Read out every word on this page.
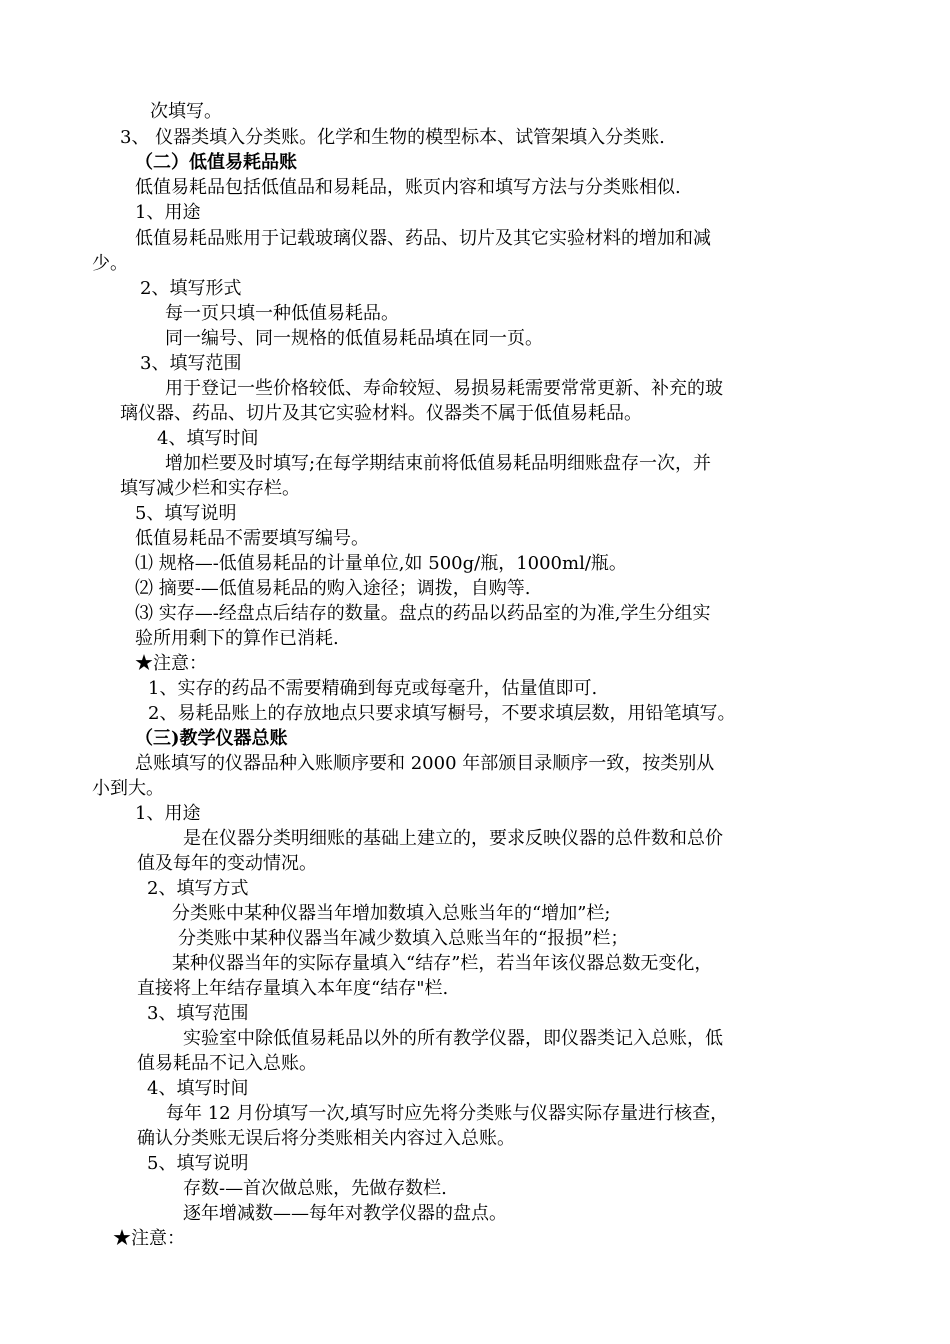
次填写。
3、 仪器类填入分类账。化学和生物的模型标本、试管架填入分类账.
（二）低值易耗品账
低值易耗品包括低值品和易耗品，账页内容和填写方法与分类账相似.
1、用途
低值易耗品账用于记载玻璃仪器、药品、切片及其它实验材料的增加和减
少。
2、填写形式
每一页只填一种低值易耗品。
同一编号、同一规格的低值易耗品填在同一页。
3、填写范围
用于登记一些价格较低、寿命较短、易损易耗需要常常更新、补充的玻
璃仪器、药品、切片及其它实验材料。仪器类不属于低值易耗品。
4、填写时间
增加栏要及时填写;在每学期结束前将低值易耗品明细账盘存一次，并
填写减少栏和实存栏。
5、填写说明
低值易耗品不需要填写编号。
⑴ 规格—-低值易耗品的计量单位,如 500g/瓶，1000ml/瓶。
⑵ 摘要-—低值易耗品的购入途径；调拨，自购等.
⑶ 实存—-经盘点后结存的数量。盘点的药品以药品室的为准,学生分组实
验所用剩下的算作已消耗.
★注意：
1、实存的药品不需要精确到每克或每毫升，估量值即可.
2、易耗品账上的存放地点只要求填写橱号，不要求填层数，用铅笔填写。
（三)教学仪器总账
总账填写的仪器品种入账顺序要和 2000 年部颁目录顺序一致，按类别从
小到大。
1、用途
是在仪器分类明细账的基础上建立的，要求反映仪器的总件数和总价
值及每年的变动情况。
2、填写方式
分类账中某种仪器当年增加数填入总账当年的“增加”栏;
分类账中某种仪器当年减少数填入总账当年的“报损”栏；
某种仪器当年的实际存量填入“结存”栏，若当年该仪器总数无变化，
直接将上年结存量填入本年度“结存"栏.
3、填写范围
实验室中除低值易耗品以外的所有教学仪器，即仪器类记入总账，低
值易耗品不记入总账。
4、填写时间
每年 12 月份填写一次,填写时应先将分类账与仪器实际存量进行核查，
确认分类账无误后将分类账相关内容过入总账。
5、填写说明
存数-—首次做总账，先做存数栏.
逐年增减数——每年对教学仪器的盘点。
★注意：
